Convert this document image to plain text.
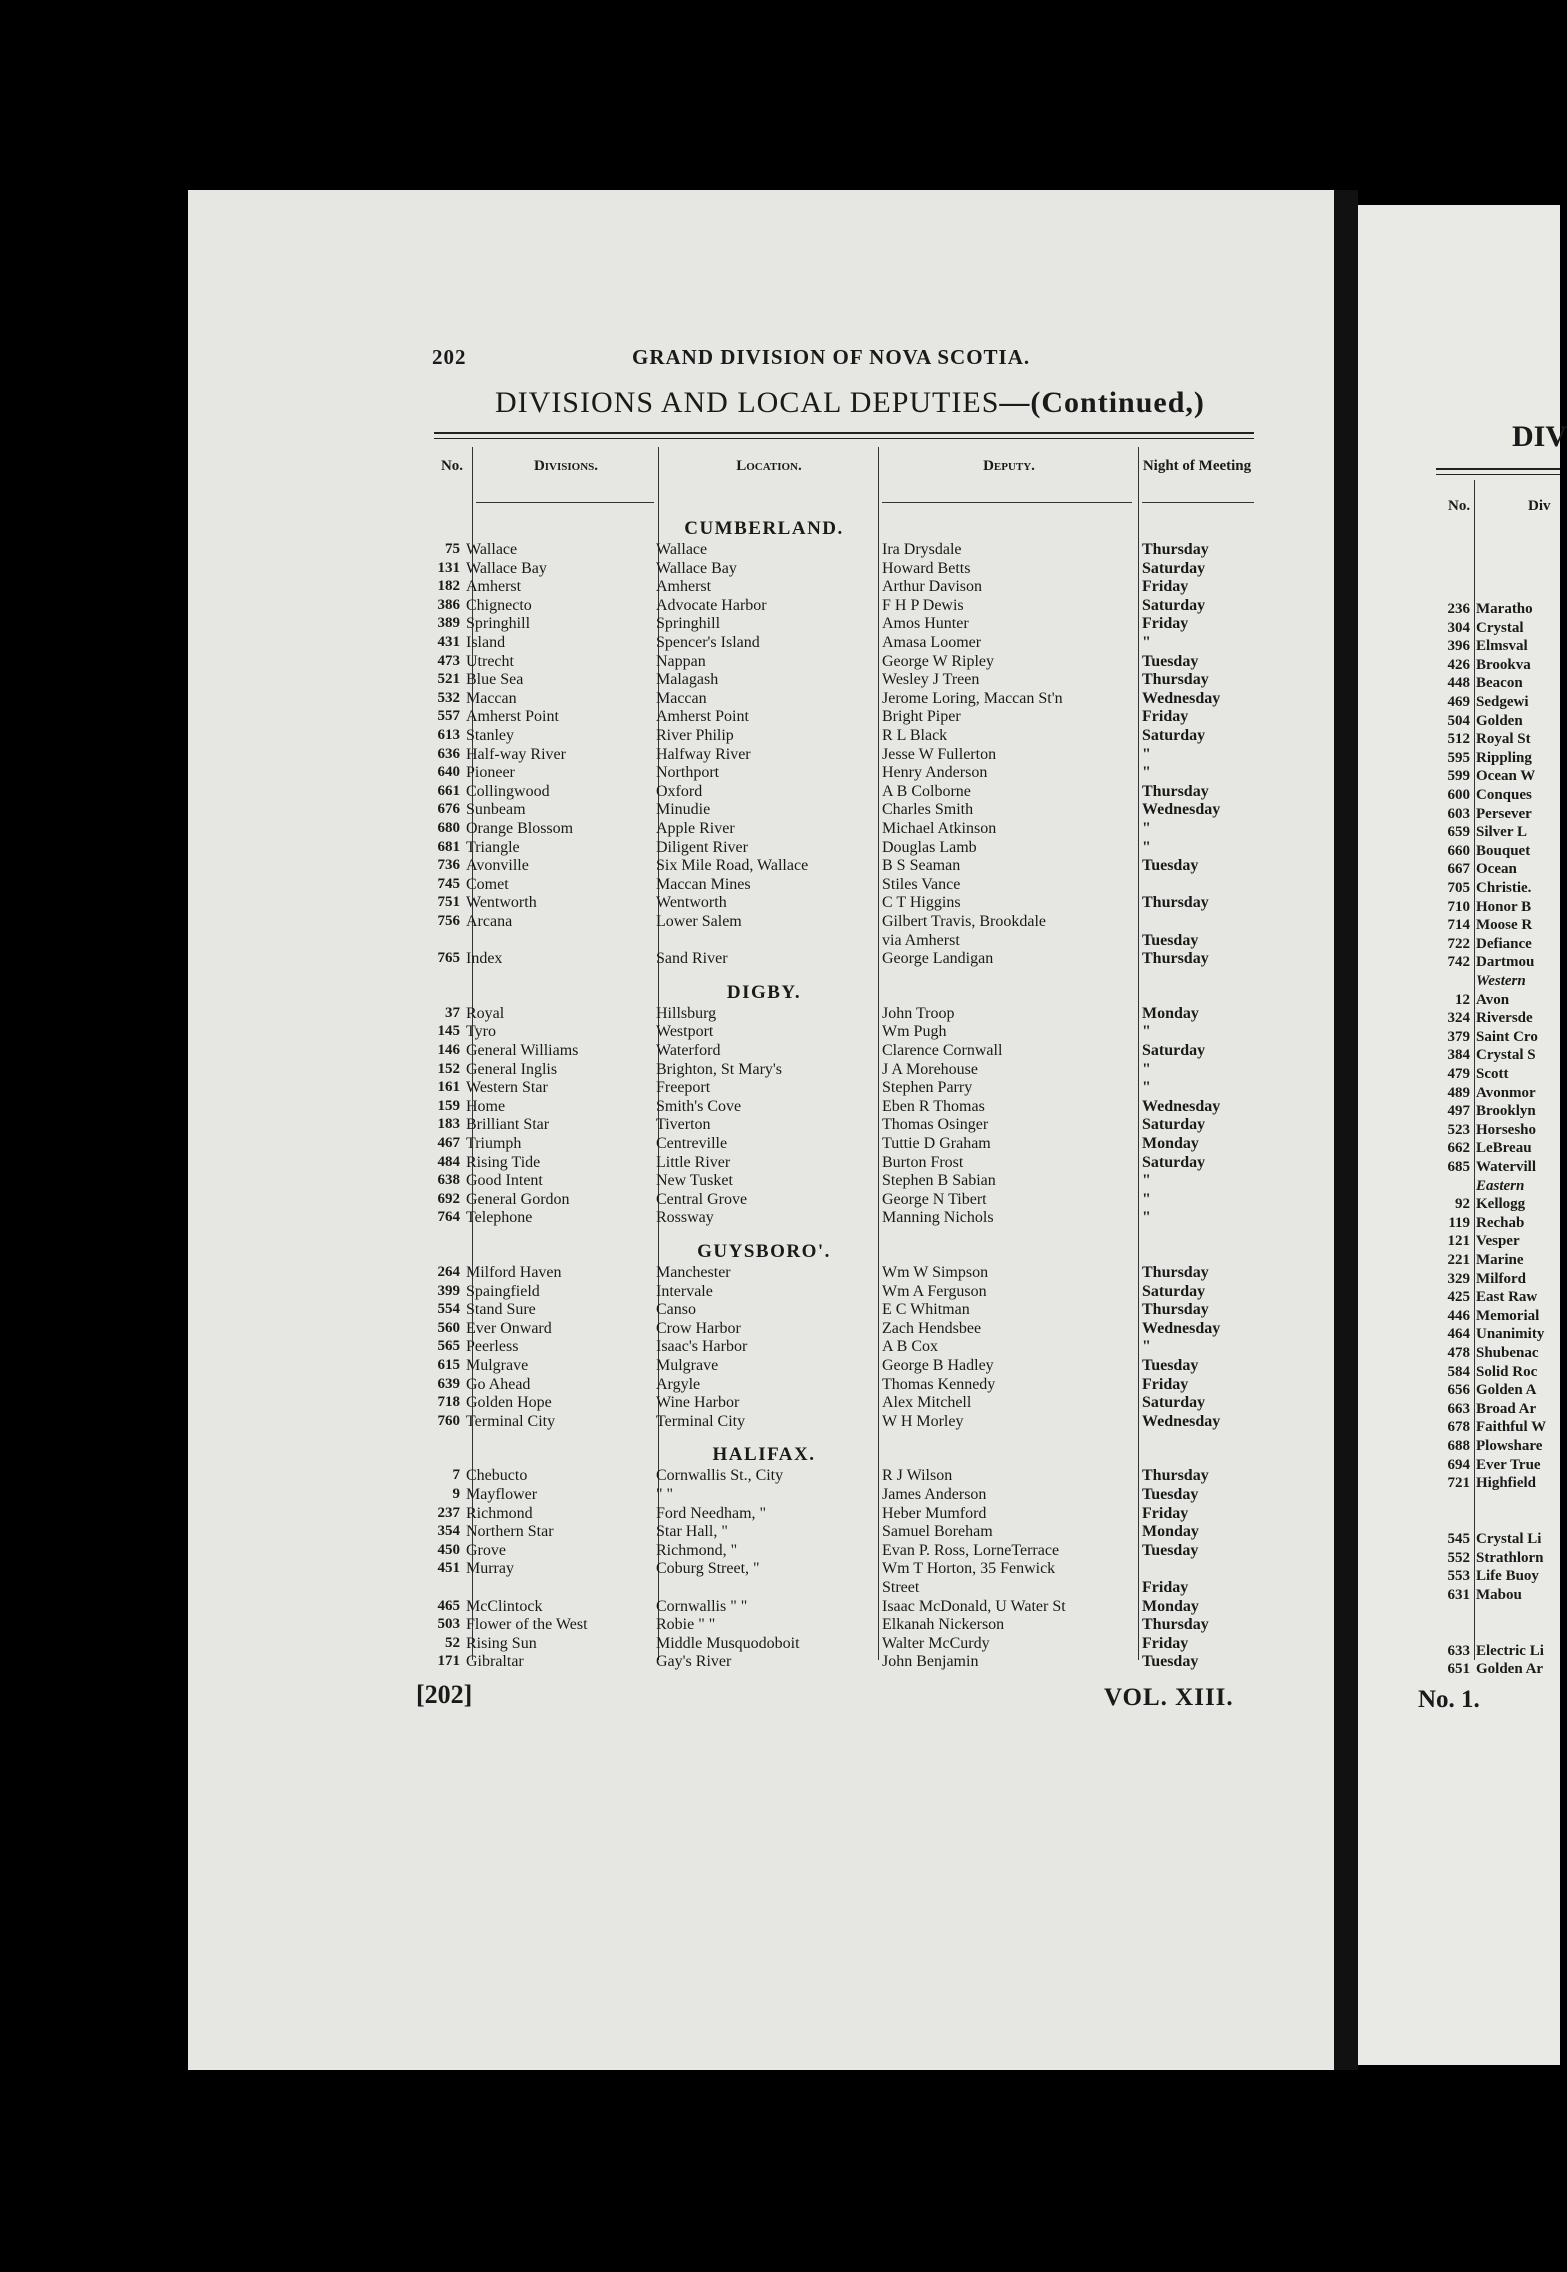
202	GRAND DIVISION OF NOVA SCOTIA.
DIVISIONS AND LOCAL DEPUTIES—(Continued,)
No.	Divisions.	Location.	Deputy.	Night of Meeting
CUMBERLAND.
75 Wallace	Wallace	Ira Drysdale	Thursday
131 Wallace Bay	Wallace Bay	Howard Betts	Saturday
182 Amherst	Amherst	Arthur Davison	Friday
386 Chignecto	Advocate Harbor	F H P Dewis	Saturday
389 Springhill	Springhill	Amos Hunter	Friday
431 Island	Spencer's Island	Amasa Loomer	"
473 Utrecht	Nappan	George W Ripley	Tuesday
521 Blue Sea	Malagash	Wesley J Treen	Thursday
532 Maccan	Maccan	Jerome Loring, Maccan St'n	Wednesday
557 Amherst Point	Amherst Point	Bright Piper	Friday
613 Stanley	River Philip	R L Black	Saturday
636 Half-way River	Halfway River	Jesse W Fullerton	"
640 Pioneer	Northport	Henry Anderson	"
661 Collingwood	Oxford	A B Colborne	Thursday
676 Sunbeam	Minudie	Charles Smith	Wednesday
680 Orange Blossom	Apple River	Michael Atkinson	"
681 Triangle	Diligent River	Douglas Lamb	"
736 Avonville	Six Mile Road, Wallace	B S Seaman	Tuesday
745 Comet	Maccan Mines	Stiles Vance
751 Wentworth	Wentworth	C T Higgins	Thursday
756 Arcana	Lower Salem	Gilbert Travis, Brookdale
via Amherst	Tuesday
765 Index	Sand River	George Landigan	Thursday
DIGBY.
37 Royal	Hillsburg	John Troop	Monday
145 Tyro	Westport	Wm Pugh	"
146 General Williams	Waterford	Clarence Cornwall	Saturday
152 General Inglis	Brighton, St Mary's	J A Morehouse	"
161 Western Star	Freeport	Stephen Parry	"
159 Home	Smith's Cove	Eben R Thomas	Wednesday
183 Brilliant Star	Tiverton	Thomas Osinger	Saturday
467 Triumph	Centreville	Tuttie D Graham	Monday
484 Rising Tide	Little River	Burton Frost	Saturday
638 Good Intent	New Tusket	Stephen B Sabian	"
692 General Gordon	Central Grove	George N Tibert	"
764 Telephone	Rossway	Manning Nichols	"
GUYSBORO'.
264 Milford Haven	Manchester	Wm W Simpson	Thursday
399 Spaingfield	Intervale	Wm A Ferguson	Saturday
554 Stand Sure	Canso	E C Whitman	Thursday
560 Ever Onward	Crow Harbor	Zach Hendsbee	Wednesday
565 Peerless	Isaac's Harbor	A B Cox	"
615 Mulgrave	Mulgrave	George B Hadley	Tuesday
639 Go Ahead	Argyle	Thomas Kennedy	Friday
718 Golden Hope	Wine Harbor	Alex Mitchell	Saturday
760 Terminal City	Terminal City	W H Morley	Wednesday
HALIFAX.
7 Chebucto	Cornwallis St., City	R J Wilson	Thursday
9 Mayflower	" "	James Anderson	Tuesday
237 Richmond	Ford Needham, "	Heber Mumford	Friday
354 Northern Star	Star Hall, "	Samuel Boreham	Monday
450 Grove	Richmond, "	Evan P. Ross, LorneTerrace	Tuesday
451 Murray	Coburg Street, "	Wm T Horton, 35 Fenwick
Street	Friday
465 McClintock	Cornwallis " "	Isaac McDonald, U Water St	Monday
503 Flower of the West	Robie " "	Elkanah Nickerson	Thursday
52 Rising Sun	Middle Musquodoboit	Walter McCurdy	Friday
171 Gibraltar	Gay's River	John Benjamin	Tuesday
[202]	VOL. XIII.
DIV
No.	Div
236 Maratho
304 Crystal
396 Elmsval
426 Brookva
448 Beacon
469 Sedgewi
504 Golden
512 Royal St
595 Rippling
599 Ocean W
600 Conques
603 Persever
659 Silver L
660 Bouquet
667 Ocean
705 Christie.
710 Honor B
714 Moose R
722 Defiance
742 Dartmou
Western
12 Avon
324 Riversde
379 Saint Cro
384 Crystal S
479 Scott
489 Avonmor
497 Brooklyn
523 Horsesho
662 LeBreau
685 Watervill
Eastern
92 Kellogg
119 Rechab
121 Vesper
221 Marine
329 Milford
425 East Raw
446 Memorial
464 Unanimity
478 Shubenac
584 Solid Roc
656 Golden A
663 Broad Ar
678 Faithful W
688 Plowshare
694 Ever True
721 Highfield
545 Crystal Li
552 Strathlorn
553 Life Buoy
631 Mabou
633 Electric Li
651 Golden Ar
No. 1.
